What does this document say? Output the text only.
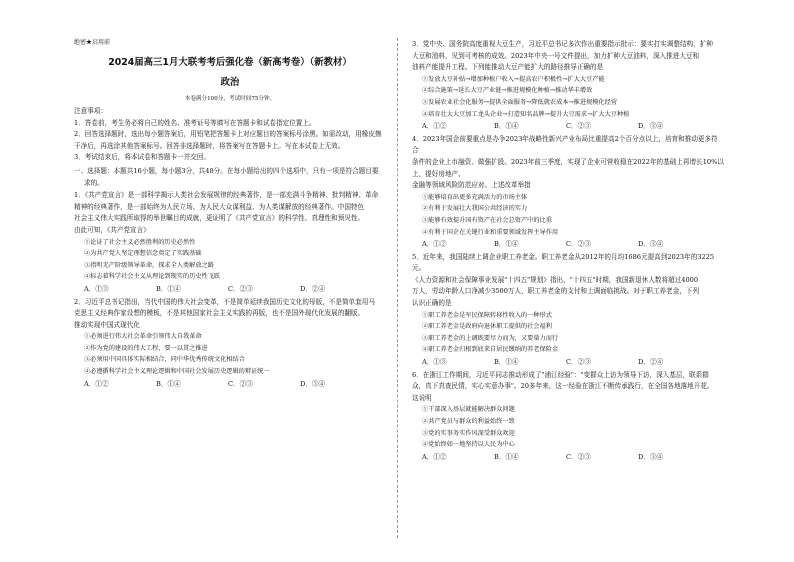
绝密★启用前
2024届高三1月大联考考后强化卷（新高考卷）（新教材）
政治
本卷满分100分，考试时间75分钟。
注意事项：
1．答卷前，考生务必将自己的姓名、准考证号等填写在答题卡和试卷指定位置上。
2．回答选择题时，选出每小题答案后，用铅笔把答题卡上对应题目的答案标号涂黑。如需改动，用橡皮擦
干净后，再选涂其他答案标号。回答非选择题时，将答案写在答题卡上。写在本试卷上无效。
3．考试结束后，将本试卷和答题卡一并交回。
一、选择题：本题共16小题，每小题3分，共48分。在每小题给出的四个选项中，只有一项是符合题目要
求的。
1．《共产党宣言》是一部科学揭示人类社会发展规律的经典著作，是一部充满斗争精神、批判精神、革命
精神的经典著作，是一部始终为人民立场、为人民大众谋利益、为人类谋解放的经典著作。中国特色
社会主义伟大实践所取得的举世瞩目的成就，更证明了《共产党宣言》的科学性、真理性和预见性。
由此可知，《共产党宣言》
①论证了社会主义必然胜利的历史必然性
②为共产党人坚定理想信念奠定了实践基础
③指明无产阶级领导革命，探求全人类解放之路
④标志着科学社会主义从理论到现实的历史性飞跃
A．①③	B．①④	C．②③	D．②④
2．习近平总书记指出，当代中国的伟大社会变革，不是简单延续我国历史文化的母版，不是简单套用马
克思主义经典作家设想的模板，不是其他国家社会主义实践的再版，也不是国外现代化发展的翻版。
推动实现中国式现代化
①必须进行伟大社会革命引领伟大自我革命
②作为党的建设的伟大工程，要一以贯之推进
③必须用中国具体实际相结合，同中华优秀传统文化相结合
④必遵循科学社会主义理论逻辑和中国社会发展历史逻辑的辩证统一
A．①②	B．①④	C．②③	D．③④
3．党中央、国务院高度重视大豆生产，习近平总书记多次作出重要指示批示：要实打实调整结构，扩种
大豆和油料，见到可考核的成效。2023年中央一号文件提出，加力扩种大豆油料，深入推进大豆和
油料产能提升工程。下列能推动大豆产能扩大的路径推导正确的是
①发放大豆补贴→增加种植户收入→提高农户积极性→扩大大豆产能
②综合施策→延长大豆产业链→推进规模化种植→推动华丰增效
③发展农业社会化服务→提供全面服务→降低就农成本→推进规模化经营
④培育壮大大豆加工龙头企业→打造知名品牌→提升大豆需求→扩大大豆种植
A．①②	B．①④	C．②③	D．③④
4．2023年国企前要重点是办争2023年战略性新兴产业布局比重提高2个百分点以上，培育和推动更多符合
条件的企业上市融资、做强扩股。2023年前三季度，实现了企业可营收稳在2022年的基础上再增长10%以上，提好房地产、
金融等领域风险防范应对。上述改革举措
①能够培育出更多充满活力的市场主体
②有利于发展壮大我国公共经济的实力
③能够有效提升国有资产在社会总资产中的比重
④有利于国企在关键行业和重要领域发挥主导作用
A．①②	B．①④	C．②③	D．③④
5．近年来，我国陆续上调企业职工养老金。职工养老金从2012年的月均1686元提高到2023年的3225元。
《人力资源和社会保障事业发展"十四五"规划》指出，"十四五"时期，我国新退休人数将超过4000
万人，劳动年龄人口净减少3500万人，职工养老金的支付和上调面临挑战。对于职工养老金，下列
认识正确的是
①职工养老金是军民保障转移性收入的一种形式
②职工养老金是政府向退休职工提供的社会福利
③职工养老金的上调既要尽力而为，又要量力而行
④职工养老金归根到底来自居民缴纳的养老保险金
A．①③	B．①④	C．②③	D．②④
6．在浙江工作期间，习近平同志推动形成了"浦江经验"："变群众上访为领导下访，深入基层，联系群
众，真下真查民情，实心实意办事"。20多年来，这一经验在浙江不断传承践行，在全国各地落地开花。
这说明
①干部深入基层就能解决群众问题
②共产党员与群众的利益始终一致
③党的实事务实作风深受群众欢迎
④党始终如一地坚持以人民为中心
A．①②	B．①④	C．②③	D．③④
